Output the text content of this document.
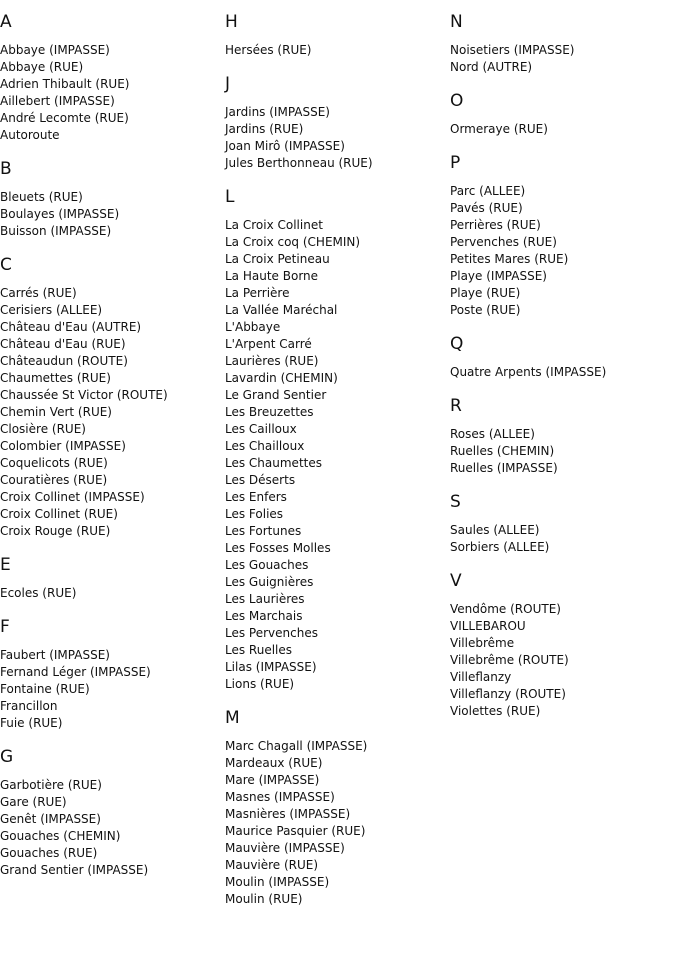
A
Abbaye (IMPASSE)
Abbaye (RUE)
Adrien Thibault (RUE)
Aillebert (IMPASSE)
André Lecomte (RUE)
Autoroute
B
Bleuets (RUE)
Boulayes (IMPASSE)
Buisson (IMPASSE)
C
Carrés (RUE)
Cerisiers (ALLEE)
Château d'Eau (AUTRE)
Château d'Eau (RUE)
Châteaudun (ROUTE)
Chaumettes (RUE)
Chaussée St Victor (ROUTE)
Chemin Vert (RUE)
Closière (RUE)
Colombier (IMPASSE)
Coquelicots (RUE)
Couratières (RUE)
Croix Collinet (IMPASSE)
Croix Collinet (RUE)
Croix Rouge (RUE)
E
Ecoles (RUE)
F
Faubert (IMPASSE)
Fernand Léger (IMPASSE)
Fontaine (RUE)
Francillon
Fuie (RUE)
G
Garbotière (RUE)
Gare (RUE)
Genêt (IMPASSE)
Gouaches (CHEMIN)
Gouaches (RUE)
Grand Sentier (IMPASSE)
H
Hersées (RUE)
J
Jardins (IMPASSE)
Jardins (RUE)
Joan Mirô (IMPASSE)
Jules Berthonneau (RUE)
L
La Croix Collinet
La Croix coq (CHEMIN)
La Croix Petineau
La Haute Borne
La Perrière
La Vallée Maréchal
L'Abbaye
L'Arpent Carré
Laurières (RUE)
Lavardin (CHEMIN)
Le Grand Sentier
Les Breuzettes
Les Cailloux
Les Chailloux
Les Chaumettes
Les Déserts
Les Enfers
Les Folies
Les Fortunes
Les Fosses Molles
Les Gouaches
Les Guignières
Les Laurières
Les Marchais
Les Pervenches
Les Ruelles
Lilas (IMPASSE)
Lions (RUE)
M
Marc Chagall (IMPASSE)
Mardeaux (RUE)
Mare (IMPASSE)
Masnes (IMPASSE)
Masnières (IMPASSE)
Maurice Pasquier (RUE)
Mauvière (IMPASSE)
Mauvière (RUE)
Moulin (IMPASSE)
Moulin (RUE)
N
Noisetiers (IMPASSE)
Nord (AUTRE)
O
Ormeraye (RUE)
P
Parc (ALLEE)
Pavés (RUE)
Perrières (RUE)
Pervenches (RUE)
Petites Mares (RUE)
Playe (IMPASSE)
Playe (RUE)
Poste (RUE)
Q
Quatre Arpents (IMPASSE)
R
Roses (ALLEE)
Ruelles (CHEMIN)
Ruelles (IMPASSE)
S
Saules (ALLEE)
Sorbiers (ALLEE)
V
Vendôme (ROUTE)
VILLEBAROU
Villebrême
Villebrême (ROUTE)
Villeflanzy
Villeflanzy (ROUTE)
Violettes (RUE)
